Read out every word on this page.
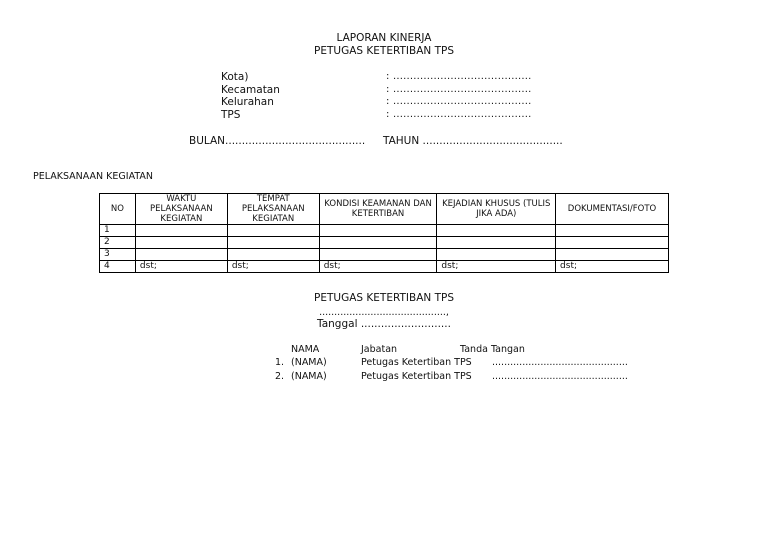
LAPORAN KINERJA
PETUGAS KETERTIBAN TPS
Kota)	: .........................................
Kecamatan	: .........................................
Kelurahan	: .........................................
TPS	: .........................................
BULAN.......................................... TAHUN ..........................................
PELAKSANAAN KEGIATAN
NO	WAKTU PELAKSANAAN KEGIATAN	TEMPAT PELAKSANAAN KEGIATAN	KONDISI KEAMANAN DAN KETERTIBAN	KEJADIAN KHUSUS (TULIS JIKA ADA)	DOKUMENTASI/FOTO
1					
2					
3					
4	dst;	dst;	dst;	dst;	dst;
PETUGAS KETERTIBAN TPS
..........................................,
Tanggal ...........................
NAMA	Jabatan	Tanda Tangan
1. (NAMA)	Petugas Ketertiban TPS .............................................
2. (NAMA)	Petugas Ketertiban TPS .............................................
